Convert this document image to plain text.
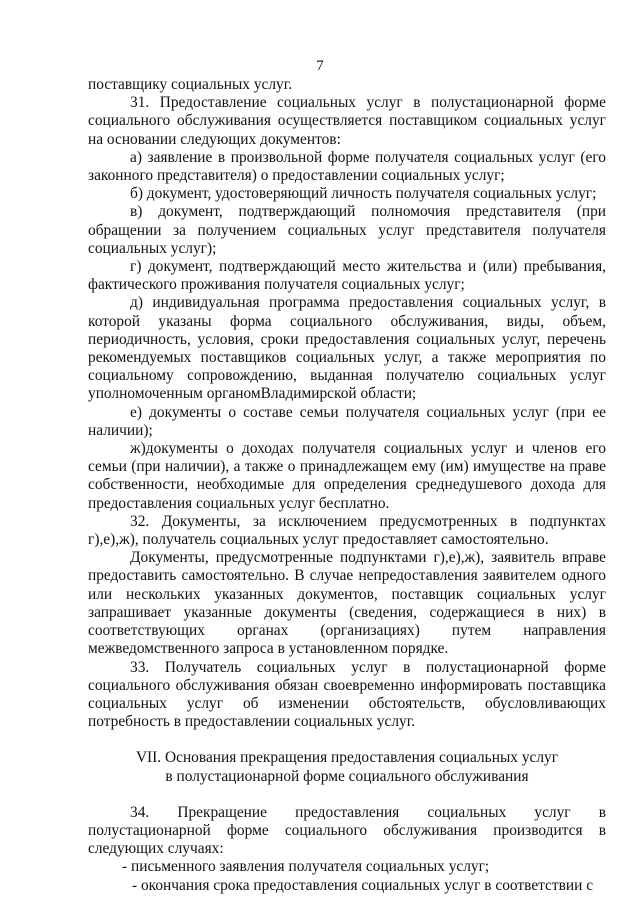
7

поставщику социальных услуг.

31. Предоставление социальных услуг в полустационарной форме социального обслуживания осуществляется поставщиком социальных услуг на основании следующих документов:

а) заявление в произвольной форме получателя социальных услуг (его законного представителя) о предоставлении социальных услуг;

б) документ, удостоверяющий личность получателя социальных услуг;

в) документ, подтверждающий полномочия представителя (при обращении за получением социальных услуг представителя получателя социальных услуг);

г) документ, подтверждающий место жительства и (или) пребывания, фактического проживания получателя социальных услуг;

д) индивидуальная программа предоставления социальных услуг, в которой указаны форма социального обслуживания, виды, объем, периодичность, условия, сроки предоставления социальных услуг, перечень рекомендуемых поставщиков социальных услуг, а также мероприятия по социальному сопровождению, выданная получателю социальных услуг уполномоченным органомВладимирской области;

е) документы о составе семьи получателя социальных услуг (при ее наличии);

ж)документы о доходах получателя социальных услуг и членов его семьи (при наличии), а также о принадлежащем ему (им) имуществе на праве собственности, необходимые для определения среднедушевого дохода для предоставления социальных услуг бесплатно.

32. Документы, за исключением предусмотренных в подпунктах г),е),ж), получатель социальных услуг предоставляет самостоятельно.

Документы, предусмотренные подпунктами г),е),ж), заявитель вправе предоставить самостоятельно. В случае непредоставления заявителем одного или нескольких указанных документов, поставщик социальных услуг запрашивает указанные документы (сведения, содержащиеся в них) в соответствующих органах (организациях) путем направления межведомственного запроса в установленном порядке.

33. Получатель социальных услуг в полустационарной форме социального обслуживания обязан своевременно информировать поставщика социальных услуг об изменении обстоятельств, обусловливающих потребность в предоставлении социальных услуг.

VII. Основания прекращения предоставления социальных услуг

в полустационарной форме социального обслуживания

34. Прекращение предоставления социальных услуг в полустационарной форме социального обслуживания производится в следующих случаях:

- письменного заявления получателя социальных услуг;

- окончания срока предоставления социальных услуг в соответствии с
